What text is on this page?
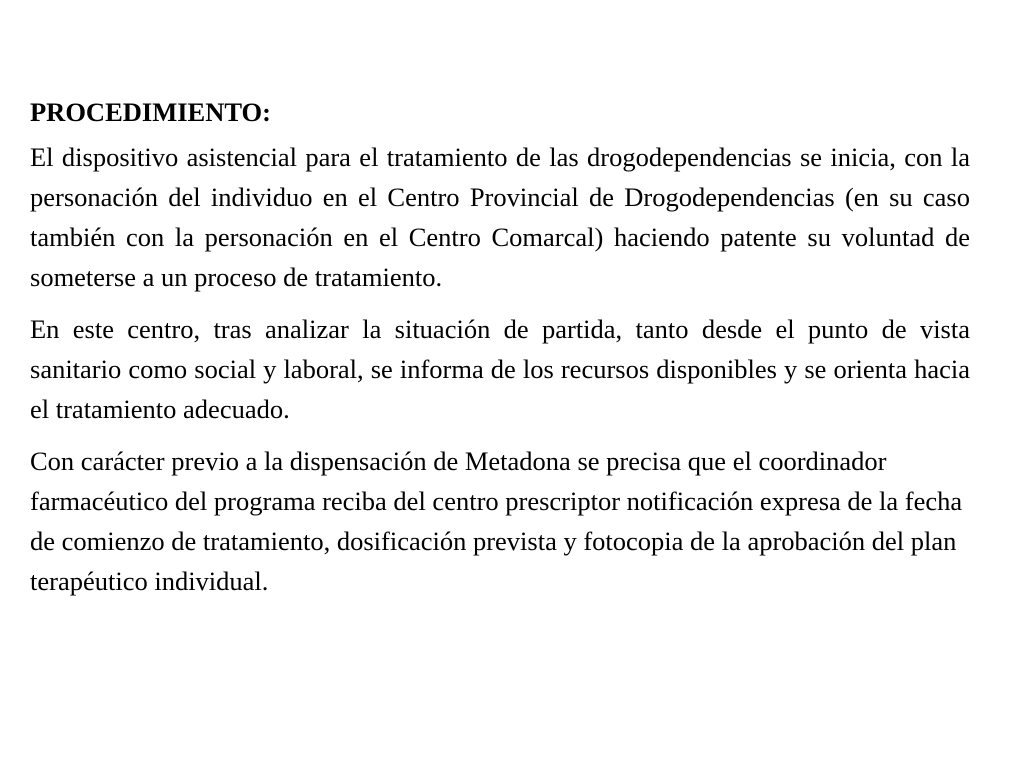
PROCEDIMIENTO:
El dispositivo asistencial para el tratamiento de las drogodependencias se inicia, con la personación del individuo en el Centro Provincial de Drogodependencias (en su caso también con la personación en el Centro Comarcal) haciendo patente su voluntad de someterse a un proceso de tratamiento.
En este centro, tras analizar la situación de partida, tanto desde el punto de vista sanitario como social y laboral, se informa de los recursos disponibles y se orienta hacia el tratamiento adecuado.
Con carácter previo a la dispensación de Metadona se precisa que el coordinador farmacéutico del programa reciba del centro prescriptor notificación expresa de la fecha de comienzo de tratamiento, dosificación prevista y fotocopia de la aprobación del plan terapéutico individual.
